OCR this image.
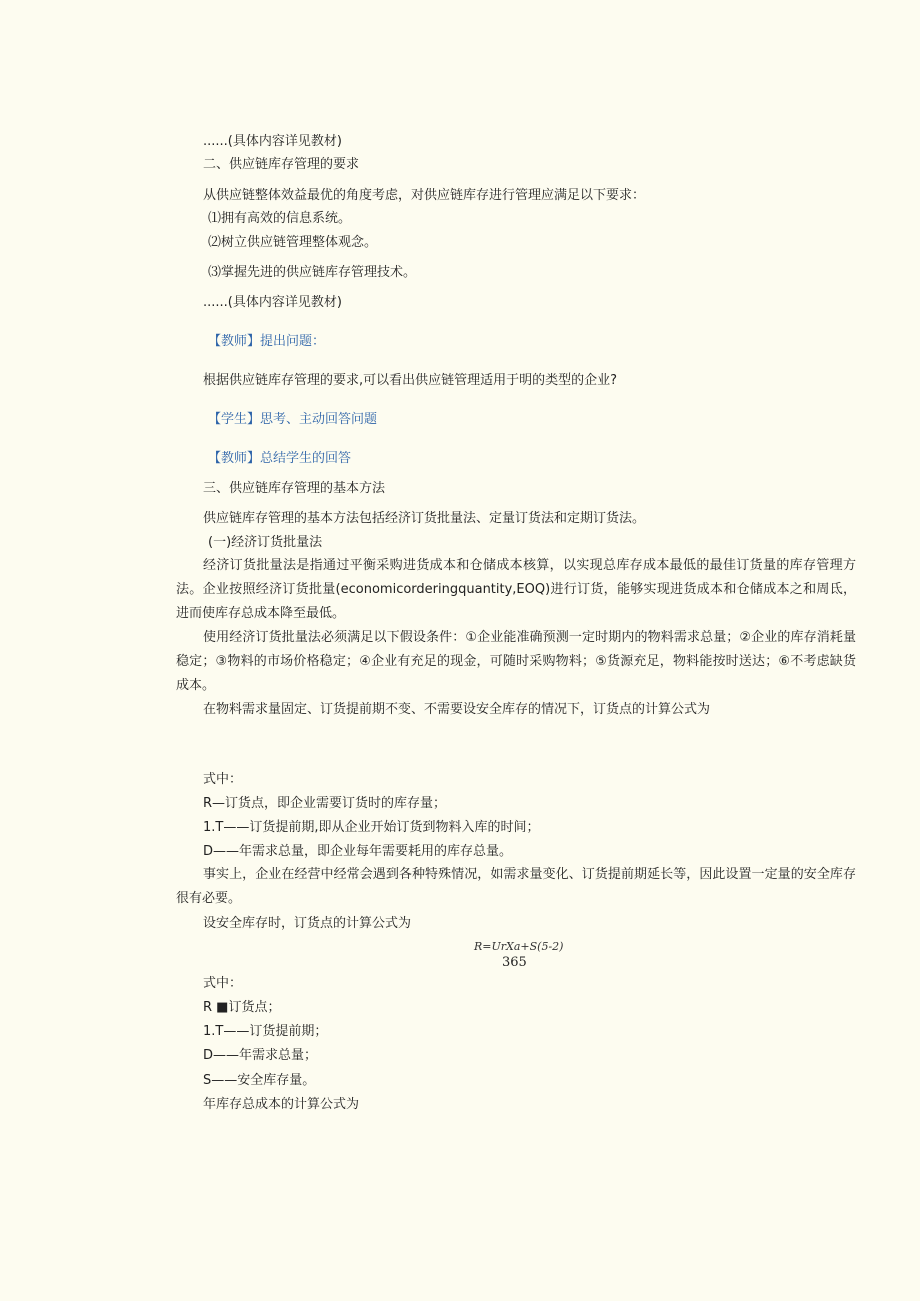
......(具体内容详见教材)
二、供应链库存管理的要求
从供应链整体效益最优的角度考虑，对供应链库存进行管理应满足以下要求：
⑴拥有高效的信息系统。
⑵树立供应链管理整体观念。
⑶掌握先进的供应链库存管理技术。
......(具体内容详见教材)
【教师】提出问题：
根据供应链库存管理的要求,可以看出供应链管理适用于明的类型的企业?
【学生】思考、主动回答问题
【教师】总结学生的回答
三、供应链库存管理的基本方法
供应链库存管理的基本方法包括经济订货批量法、定量订货法和定期订货法。
(一)经济订货批量法
经济订货批量法是指通过平衡采购进货成本和仓储成本核算，以实现总库存成本最低的最佳订货量的库存管理方法。企业按照经济订货批量(economicorderingquantity,EOQ)进行订货，能够实现进货成本和仓储成本之和周氐，进而使库存总成本降至最低。
使用经济订货批量法必须满足以下假设条件：①企业能准确预测一定时期内的物料需求总量；②企业的库存消耗量稳定；③物料的市场价格稳定；④企业有充足的现金，可随时采购物料；⑤货源充足，物料能按时送达；⑥不考虑缺货成本。
在物料需求量固定、订货提前期不变、不需要设安全库存的情况下，订货点的计算公式为
式中：
R—订货点，即企业需要订货时的库存量；
1.T——订货提前期,即从企业开始订货到物料入库的时间；
D——年需求总量，即企业每年需要耗用的库存总量。
事实上，企业在经营中经常会遇到各种特殊情况，如需求量变化、订货提前期延长等，因此设置一定量的安全库存很有必要。
设安全库存时，订货点的计算公式为
R=UrXa+S(5-2)
365
式中：
R ■订货点；
1.T——订货提前期；
D——年需求总量；
S——安全库存量。
年库存总成本的计算公式为
